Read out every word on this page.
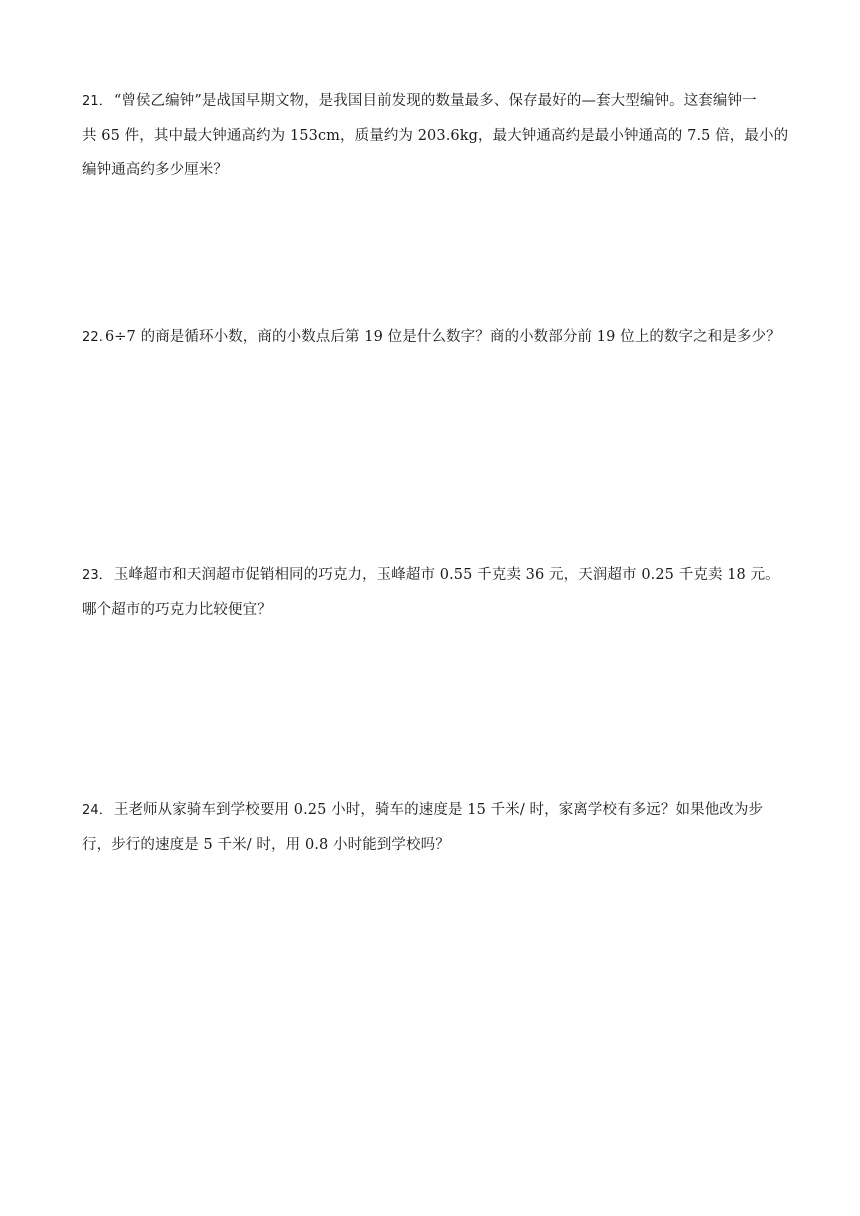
21． “曾侯乙编钟”是战国早期文物，是我国目前发现的数量最多、保存最好的—套大型编钟。这套编钟一
共 65 件，其中最大钟通高约为 153cm，质量约为 203.6kg，最大钟通高约是最小钟通高的 7.5 倍，最小的
编钟通高约多少厘米？
22. 6÷7 的商是循环小数，商的小数点后第 19 位是什么数字？商的小数部分前 19 位上的数字之和是多少？
23． 玉峰超市和天润超市促销相同的巧克力，玉峰超市 0.55 千克卖 36 元，天润超市 0.25 千克卖 18 元。
哪个超市的巧克力比较便宜？
24． 王老师从家骑车到学校要用 0.25 小时，骑车的速度是 15 千米/ 时，家离学校有多远？如果他改为步
行，步行的速度是 5 千米/ 时，用 0.8 小时能到学校吗？
